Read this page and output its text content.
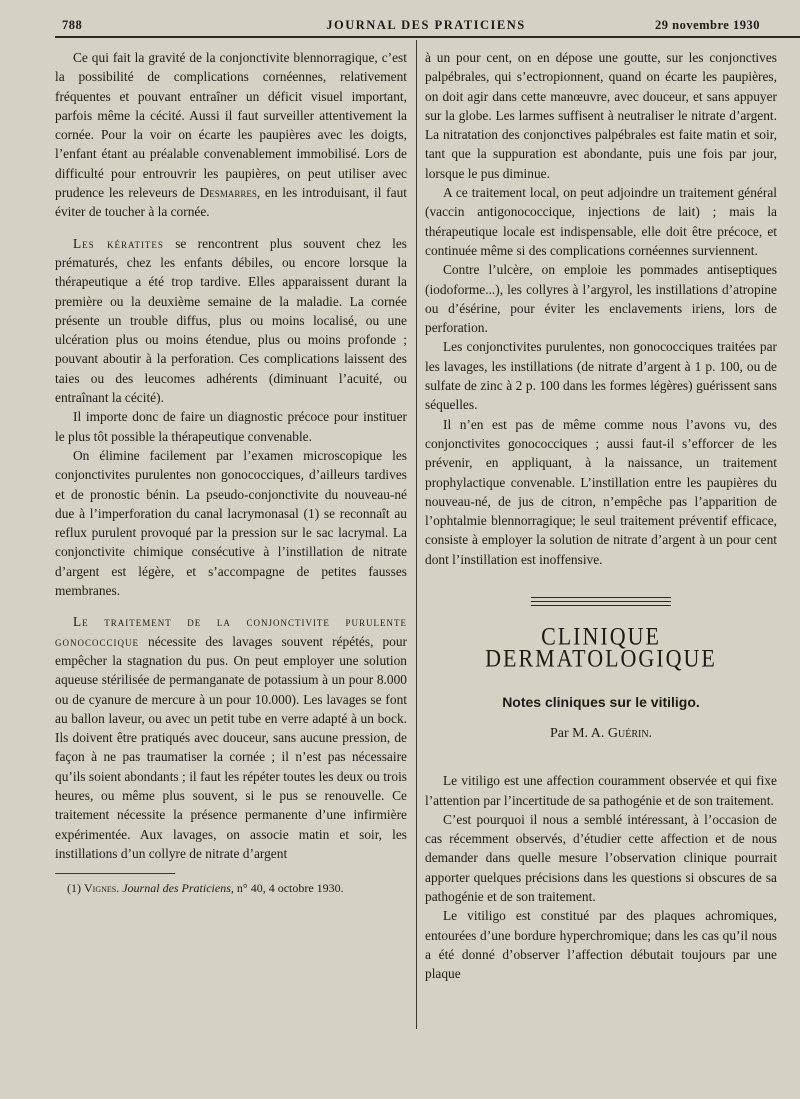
788	JOURNAL DES PRATICIENS	29 novembre 1930

Ce qui fait la gravité de la conjonctivite blennorragique, c’est la possibilité de complications cornéennes, relativement fréquentes et pouvant entraîner un déficit visuel important, parfois même la cécité. Aussi il faut surveiller attentivement la cornée. Pour la voir on écarte les paupières avec les doigts, l’enfant étant au préalable convenablement immobilisé. Lors de difficulté pour entrouvrir les paupières, on peut utiliser avec prudence les releveurs de Desmarres, en les introduisant, il faut éviter de toucher à la cornée.

Les kératites se rencontrent plus souvent chez les prématurés, chez les enfants débiles, ou encore lorsque la thérapeutique a été trop tardive. Elles apparaissent durant la première ou la deuxième semaine de la maladie. La cornée présente un trouble diffus, plus ou moins localisé, ou une ulcération plus ou moins étendue, plus ou moins profonde ; pouvant aboutir à la perforation. Ces complications laissent des taies ou des leucomes adhérents (diminuant l’acuité, ou entraînant la cécité).

Il importe donc de faire un diagnostic précoce pour instituer le plus tôt possible la thérapeutique convenable.

On élimine facilement par l’examen microscopique les conjonctivites purulentes non gonococciques, d’ailleurs tardives et de pronostic bénin. La pseudo-conjonctivite du nouveau-né due à l’imperforation du canal lacrymonasal (1) se reconnaît au reflux purulent provoqué par la pression sur le sac lacrymal. La conjonctivite chimique consécutive à l’instillation de nitrate d’argent est légère, et s’accompagne de petites fausses membranes.

Le traitement de la conjonctivite purulente gonococcique nécessite des lavages souvent répétés, pour empêcher la stagnation du pus. On peut employer une solution aqueuse stérilisée de permanganate de potassium à un pour 8.000 ou de cyanure de mercure à un pour 10.000). Les lavages se font au ballon laveur, ou avec un petit tube en verre adapté à un bock. Ils doivent être pratiqués avec douceur, sans aucune pression, de façon à ne pas traumatiser la cornée ; il n’est pas nécessaire qu’ils soient abondants ; il faut les répéter toutes les deux ou trois heures, ou même plus souvent, si le pus se renouvelle. Ce traitement nécessite la présence permanente d’une infirmière expérimentée. Aux lavages, on associe matin et soir, les instillations d’un collyre de nitrate d’argent

(1) Vignes. Journal des Praticiens, n° 40, 4 octobre 1930.

à un pour cent, on en dépose une goutte, sur les conjonctives palpébrales, qui s’ectropionnent, quand on écarte les paupières, on doit agir dans cette manœuvre, avec douceur, et sans appuyer sur la globe. Les larmes suffisent à neutraliser le nitrate d’argent. La nitratation des conjonctives palpébrales est faite matin et soir, tant que la suppuration est abondante, puis une fois par jour, lorsque le pus diminue.

A ce traitement local, on peut adjoindre un traitement général (vaccin antigonococcique, injections de lait) ; mais la thérapeutique locale est indispensable, elle doit être précoce, et continuée même si des complications cornéennes surviennent.

Contre l’ulcère, on emploie les pommades antiseptiques (iodoforme...), les collyres à l’argyrol, les instillations d’atropine ou d’ésérine, pour éviter les enclavements iriens, lors de perforation.

Les conjonctivites purulentes, non gonococciques traitées par les lavages, les instillations (de nitrate d’argent à 1 p. 100, ou de sulfate de zinc à 2 p. 100 dans les formes légères) guérissent sans séquelles.

Il n’en est pas de même comme nous l’avons vu, des conjonctivites gonococciques ; aussi faut-il s’efforcer de les prévenir, en appliquant, à la naissance, un traitement prophylactique convenable. L’instillation entre les paupières du nouveau-né, de jus de citron, n’empêche pas l’apparition de l’ophtalmie blennorragique; le seul traitement préventif efficace, consiste à employer la solution de nitrate d’argent à un pour cent dont l’instillation est inoffensive.

CLINIQUE DERMATOLOGIQUE
Notes cliniques sur le vitiligo.
Par M. A. Guérin.

Le vitiligo est une affection couramment observée et qui fixe l’attention par l’incertitude de sa pathogénie et de son traitement.

C’est pourquoi il nous a semblé intéressant, à l’occasion de cas récemment observés, d’étudier cette affection et de nous demander dans quelle mesure l’observation clinique pourrait apporter quelques précisions dans les questions si obscures de sa pathogénie et de son traitement.

Le vitiligo est constitué par des plaques achromiques, entourées d’une bordure hyperchromique; dans les cas qu’il nous a été donné d’observer l’affection débutait toujours par une plaque
